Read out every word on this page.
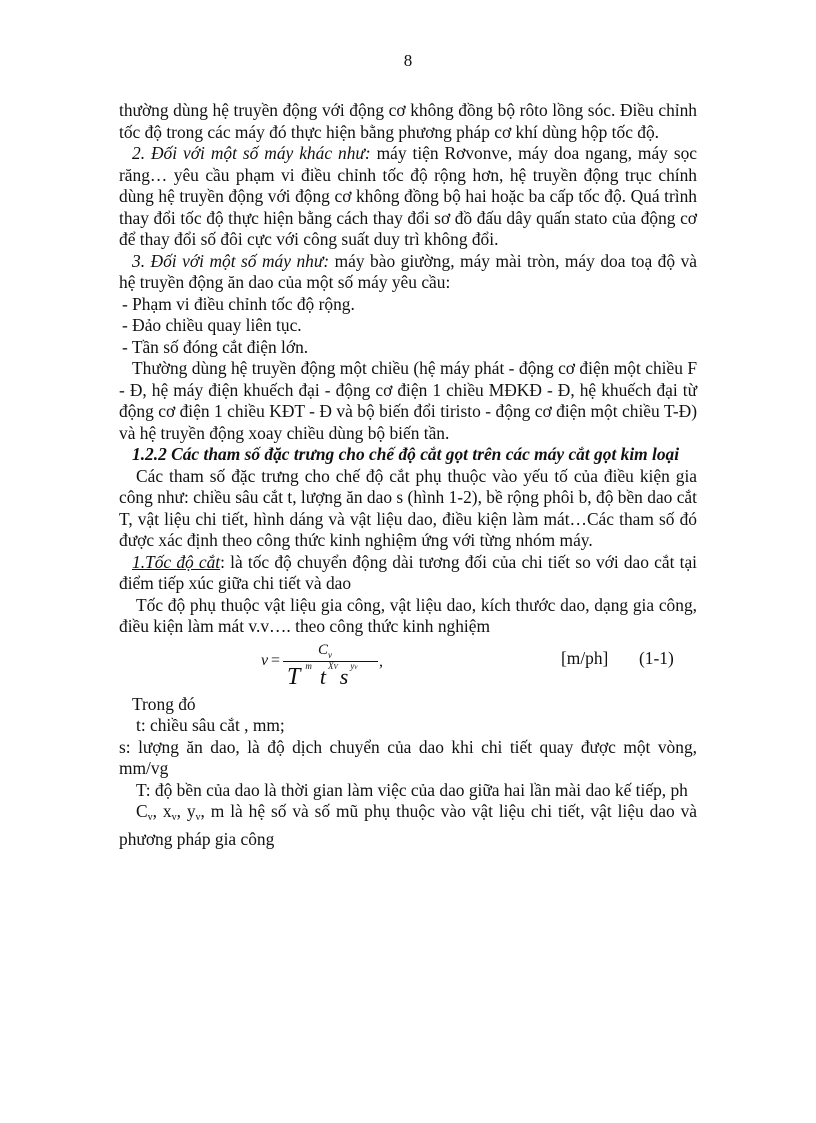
8

thường dùng hệ truyền động với động cơ không đồng bộ rôto lồng sóc. Điều chỉnh tốc độ trong các máy đó thực hiện bằng phương pháp cơ khí dùng hộp tốc độ.

2. Đối với một số máy khác như: máy tiện Rơvonve, máy doa ngang, máy sọc răng… yêu cầu phạm vi điều chỉnh tốc độ rộng hơn, hệ truyền động trục chính dùng hệ truyền động với động cơ không đồng bộ hai hoặc ba cấp tốc độ. Quá trình thay đổi tốc độ thực hiện bằng cách thay đổi sơ đồ đấu dây quấn stato của động cơ để thay đổi số đôi cực với công suất duy trì không đổi.

3. Đối với một số máy như: máy bào giường, máy mài tròn, máy doa toạ độ và hệ truyền động ăn dao của một số máy yêu cầu:

- Phạm vi điều chỉnh tốc độ rộng.

- Đảo chiều quay liên tục.

- Tần số đóng cắt điện lớn.

Thường dùng hệ truyền động một chiều (hệ máy phát - động cơ điện một chiều F - Đ, hệ máy điện khuếch đại - động cơ điện 1 chiều MĐKĐ - Đ, hệ khuếch đại từ động cơ điện 1 chiều KĐT - Đ và bộ biến đổi tiristo - động cơ điện một chiều T-Đ) và hệ truyền động xoay chiều dùng bộ biến tần.

1.2.2 Các tham số đặc trưng cho chế độ cắt gọt trên các máy cắt gọt kim loại

Các tham số đặc trưng cho chế độ cắt phụ thuộc vào yếu tố của điều kiện gia công như: chiều sâu cắt t, lượng ăn dao s (hình 1-2), bề rộng phôi b, độ bền dao cắt T, vật liệu chi tiết, hình dáng và vật liệu dao, điều kiện làm mát…Các tham số đó được xác định theo công thức kinh nghiệm ứng với từng nhóm máy.

1.Tốc độ cắt: là tốc độ chuyển động dài tương đối của chi tiết so với dao cắt tại điểm tiếp xúc giữa chi tiết và dao

Tốc độ phụ thuộc vật liệu gia công, vật liệu dao, kích thước dao, dạng gia công, điều kiện làm mát v.v…. theo công thức kinh nghiệm

v =
$C_v$	,
T $^m$ t $^{XV}$s $^{yv}$	[m/ph] (1-1)

Trong đó

t: chiều sâu cắt , mm;

s: lượng ăn dao, là độ dịch chuyển của dao khi chi tiết quay được một vòng, mm/vg

T: độ bền của dao là thời gian làm việc của dao giữa hai lần mài dao kế tiếp, ph

$C_v$, $x_v$, $y_v$, m là hệ số và số mũ phụ thuộc vào vật liệu chi tiết, vật liệu dao và phương pháp gia công
